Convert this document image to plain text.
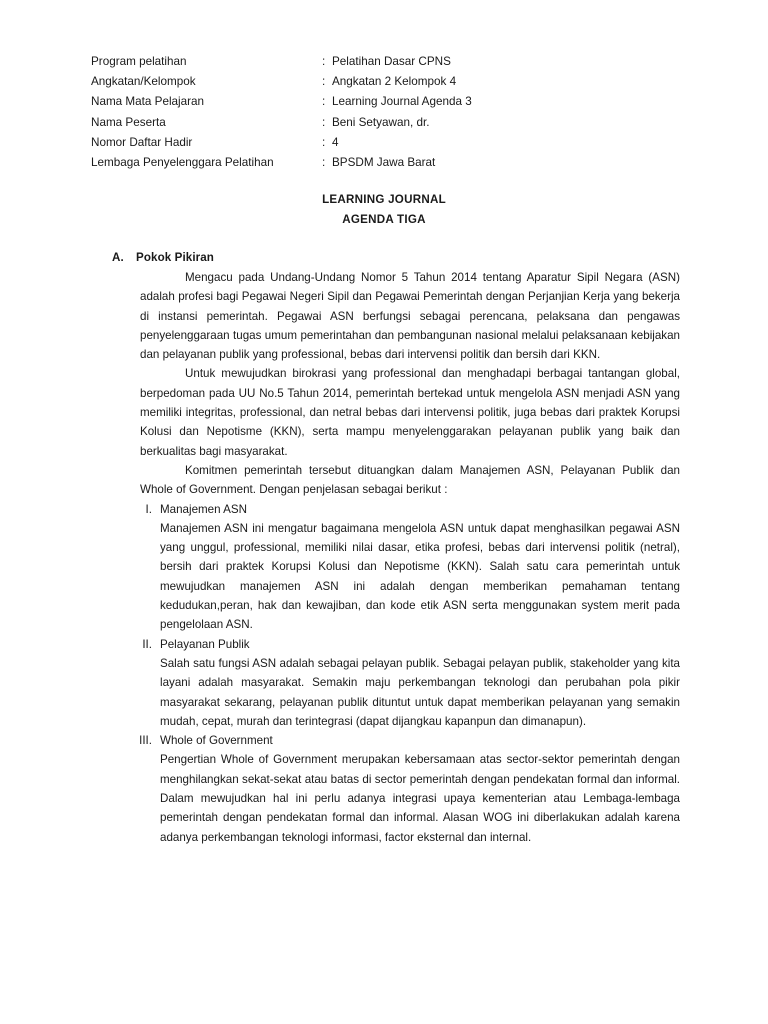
Program pelatihan	:	Pelatihan Dasar CPNS
Angkatan/Kelompok	:	Angkatan 2 Kelompok 4
Nama Mata Pelajaran	:	Learning Journal Agenda 3
Nama Peserta	:	Beni Setyawan, dr.
Nomor Daftar Hadir	:	4
Lembaga Penyelenggara Pelatihan	:	BPSDM Jawa Barat
LEARNING JOURNAL
AGENDA TIGA
A. Pokok Pikiran

Mengacu pada Undang-Undang Nomor 5 Tahun 2014 tentang Aparatur Sipil Negara (ASN) adalah profesi bagi Pegawai Negeri Sipil dan Pegawai Pemerintah dengan Perjanjian Kerja yang bekerja di instansi pemerintah. Pegawai ASN berfungsi sebagai perencana, pelaksana dan pengawas penyelenggaraan tugas umum pemerintahan dan pembangunan nasional melalui pelaksanaan kebijakan dan pelayanan publik yang professional, bebas dari intervensi politik dan bersih dari KKN.

Untuk mewujudkan birokrasi yang professional dan menghadapi berbagai tantangan global, berpedoman pada UU No.5 Tahun 2014, pemerintah bertekad untuk mengelola ASN menjadi ASN yang memiliki integritas, professional, dan netral bebas dari intervensi politik, juga bebas dari praktek Korupsi Kolusi dan Nepotisme (KKN), serta mampu menyelenggarakan pelayanan publik yang baik dan berkualitas bagi masyarakat.

Komitmen pemerintah tersebut dituangkan dalam Manajemen ASN, Pelayanan Publik dan Whole of Government. Dengan penjelasan sebagai berikut :

I. Manajemen ASN

Manajemen ASN ini mengatur bagaimana mengelola ASN untuk dapat menghasilkan pegawai ASN yang unggul, professional, memiliki nilai dasar, etika profesi, bebas dari intervensi politik (netral), bersih dari praktek Korupsi Kolusi dan Nepotisme (KKN). Salah satu cara pemerintah untuk mewujudkan manajemen ASN ini adalah dengan memberikan pemahaman tentang kedudukan,peran, hak dan kewajiban, dan kode etik ASN serta menggunakan system merit pada pengelolaan ASN.

II. Pelayanan Publik

Salah satu fungsi ASN adalah sebagai pelayan publik. Sebagai pelayan publik, stakeholder yang kita layani adalah masyarakat. Semakin maju perkembangan teknologi dan perubahan pola pikir masyarakat sekarang, pelayanan publik dituntut untuk dapat memberikan pelayanan yang semakin mudah, cepat, murah dan terintegrasi (dapat dijangkau kapanpun dan dimanapun).

III. Whole of Government

Pengertian Whole of Government merupakan kebersamaan atas sector-sektor pemerintah dengan menghilangkan sekat-sekat atau batas di sector pemerintah dengan pendekatan formal dan informal. Dalam mewujudkan hal ini perlu adanya integrasi upaya kementerian atau Lembaga-lembaga pemerintah dengan pendekatan formal dan informal. Alasan WOG ini diberlakukan adalah karena adanya perkembangan teknologi informasi, factor eksternal dan internal.
